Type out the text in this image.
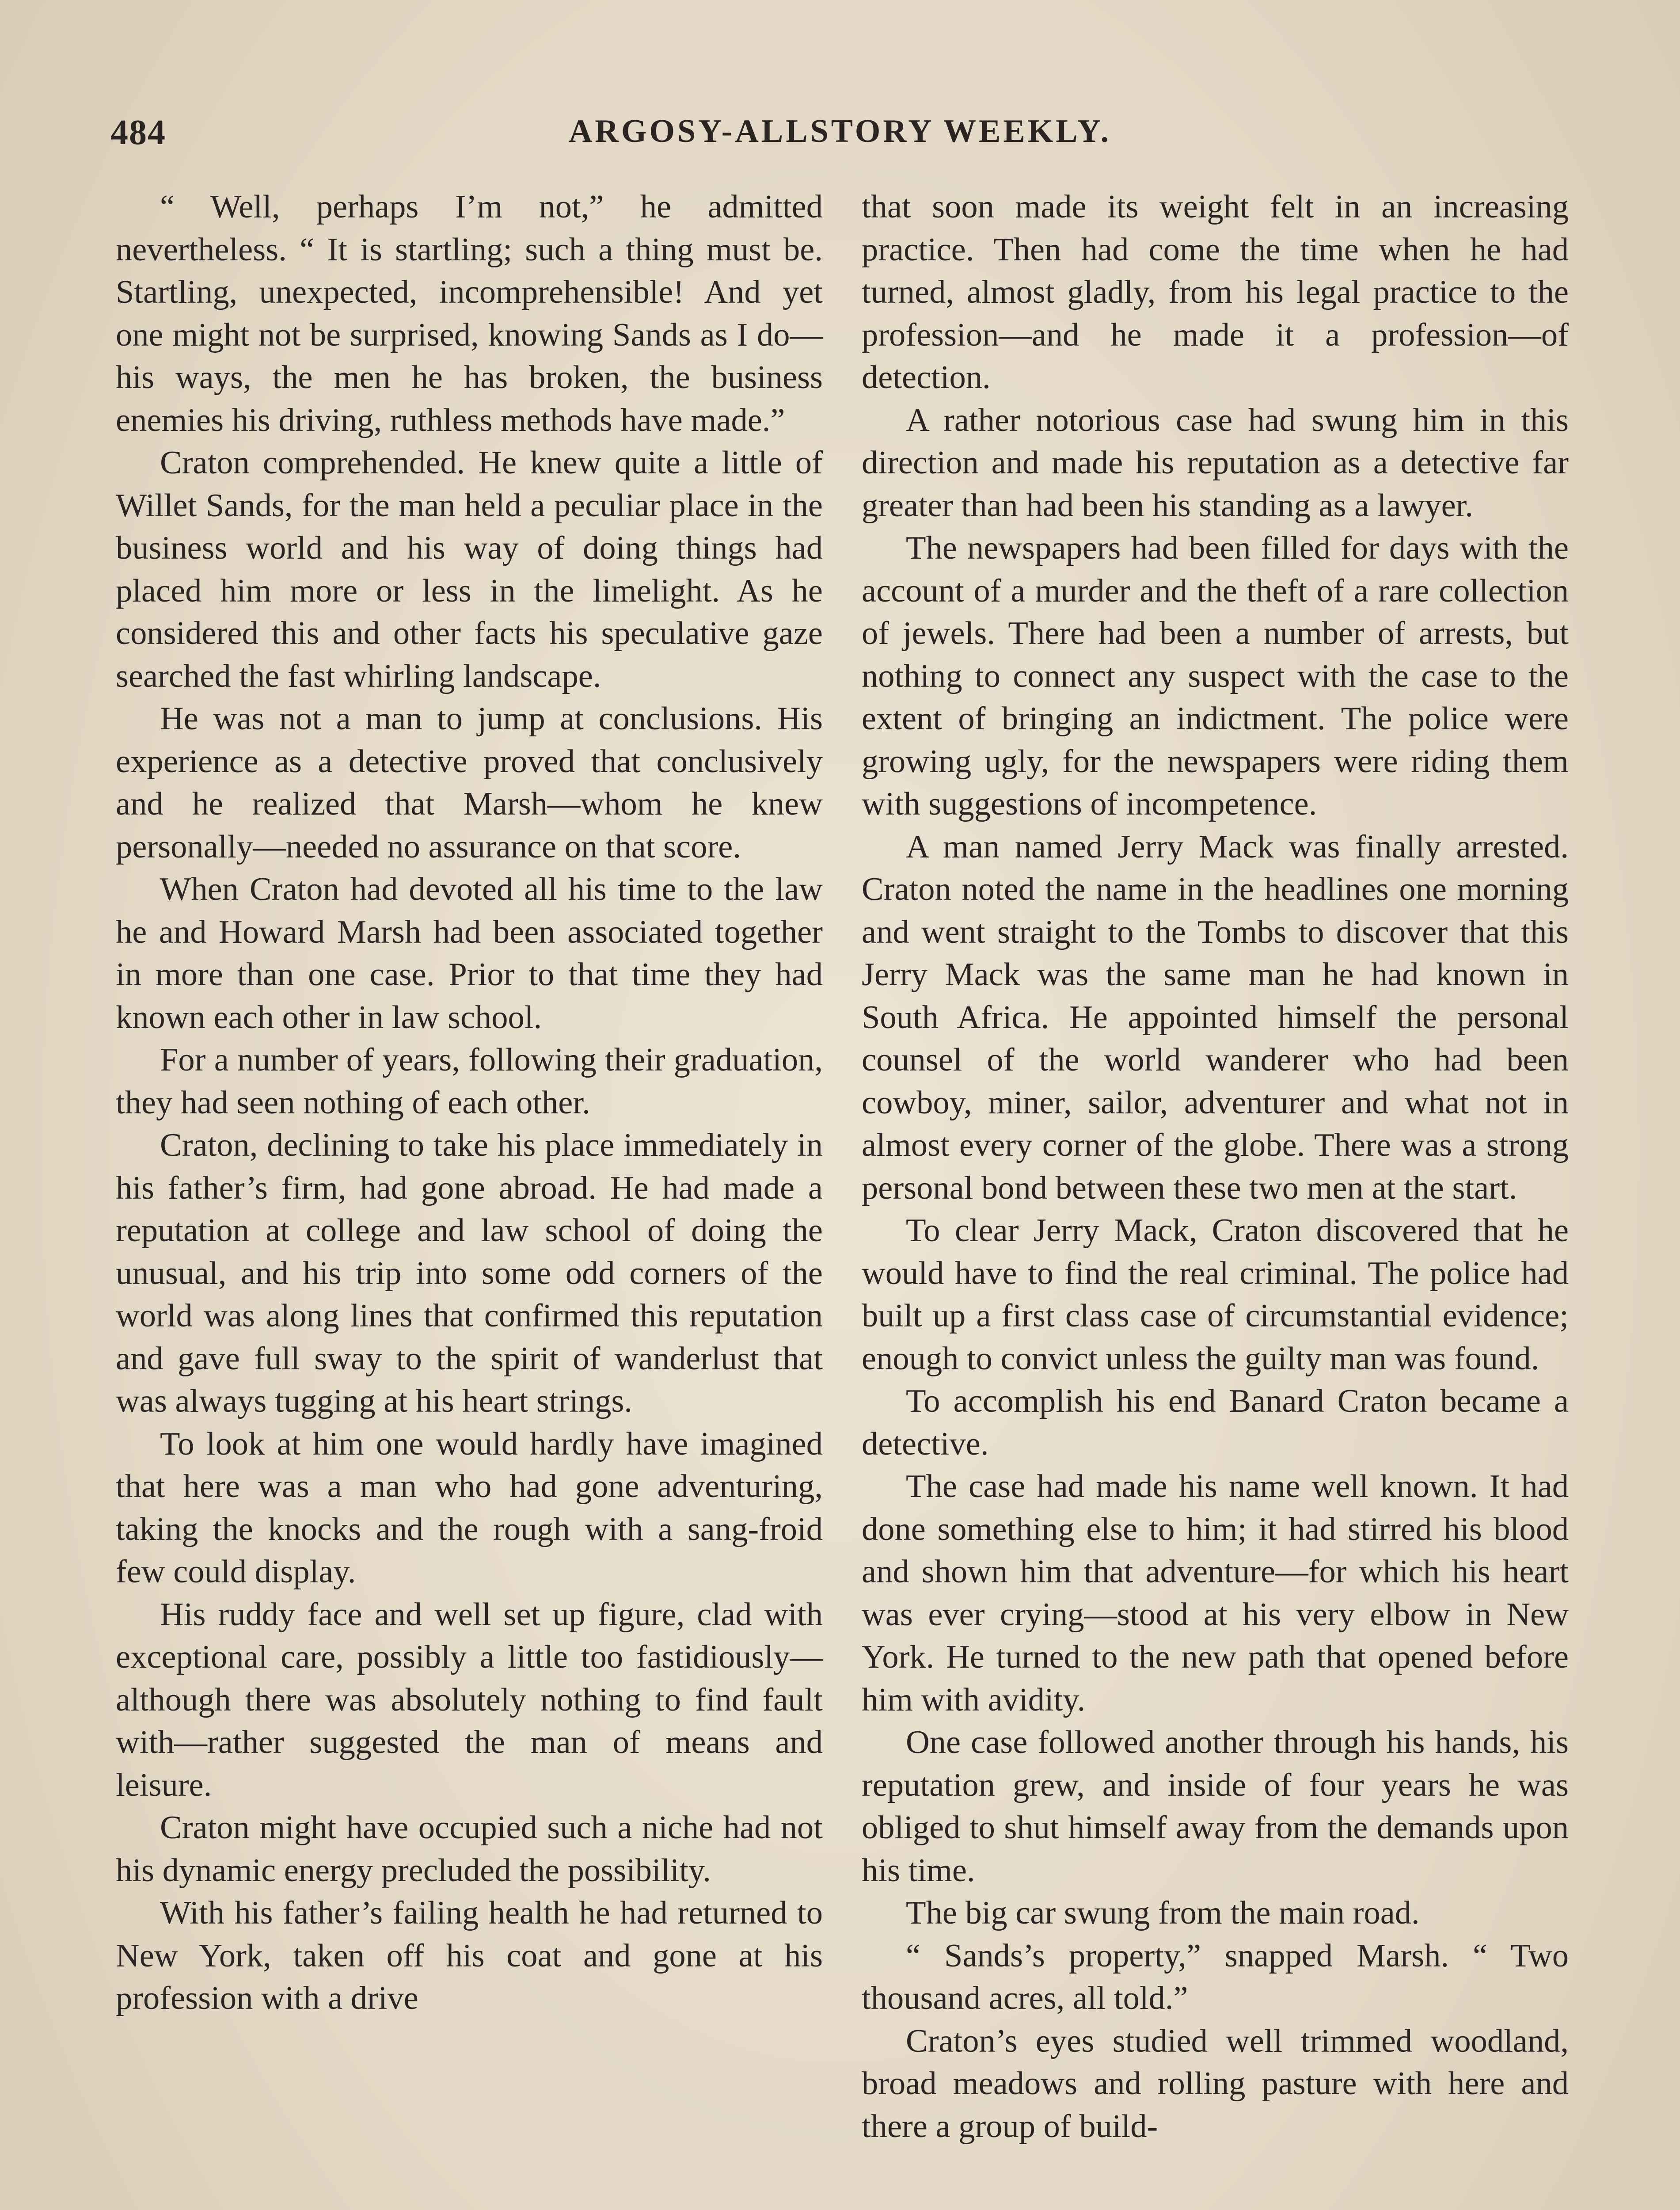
484	ARGOSY-ALLSTORY WEEKLY.

“ Well, perhaps I’m not,” he admitted nevertheless. “ It is startling; such a thing must be. Startling, unexpected, incomprehensible! And yet one might not be surprised, knowing Sands as I do—his ways, the men he has broken, the business enemies his driving, ruthless methods have made.”

Craton comprehended. He knew quite a little of Willet Sands, for the man held a peculiar place in the business world and his way of doing things had placed him more or less in the limelight. As he considered this and other facts his speculative gaze searched the fast whirling landscape.

He was not a man to jump at conclusions. His experience as a detective proved that conclusively and he realized that Marsh—whom he knew personally—needed no assurance on that score.

When Craton had devoted all his time to the law he and Howard Marsh had been associated together in more than one case. Prior to that time they had known each other in law school.

For a number of years, following their graduation, they had seen nothing of each other.

Craton, declining to take his place immediately in his father’s firm, had gone abroad. He had made a reputation at college and law school of doing the unusual, and his trip into some odd corners of the world was along lines that confirmed this reputation and gave full sway to the spirit of wanderlust that was always tugging at his heart strings.

To look at him one would hardly have imagined that here was a man who had gone adventuring, taking the knocks and the rough with a sang-froid few could display.

His ruddy face and well set up figure, clad with exceptional care, possibly a little too fastidiously—although there was absolutely nothing to find fault with—rather suggested the man of means and leisure.

Craton might have occupied such a niche had not his dynamic energy precluded the possibility.

With his father’s failing health he had returned to New York, taken off his coat and gone at his profession with a drive

that soon made its weight felt in an increasing practice. Then had come the time when he had turned, almost gladly, from his legal practice to the profession—and he made it a profession—of detection.

A rather notorious case had swung him in this direction and made his reputation as a detective far greater than had been his standing as a lawyer.

The newspapers had been filled for days with the account of a murder and the theft of a rare collection of jewels. There had been a number of arrests, but nothing to connect any suspect with the case to the extent of bringing an indictment. The police were growing ugly, for the newspapers were riding them with suggestions of incompetence.

A man named Jerry Mack was finally arrested. Craton noted the name in the headlines one morning and went straight to the Tombs to discover that this Jerry Mack was the same man he had known in South Africa. He appointed himself the personal counsel of the world wanderer who had been cowboy, miner, sailor, adventurer and what not in almost every corner of the globe. There was a strong personal bond between these two men at the start.

To clear Jerry Mack, Craton discovered that he would have to find the real criminal. The police had built up a first class case of circumstantial evidence; enough to convict unless the guilty man was found.

To accomplish his end Banard Craton became a detective.

The case had made his name well known. It had done something else to him; it had stirred his blood and shown him that adventure—for which his heart was ever crying—stood at his very elbow in New York. He turned to the new path that opened before him with avidity.

One case followed another through his hands, his reputation grew, and inside of four years he was obliged to shut himself away from the demands upon his time.

The big car swung from the main road.

“ Sands’s property,” snapped Marsh. “ Two thousand acres, all told.”

Craton’s eyes studied well trimmed woodland, broad meadows and rolling pasture with here and there a group of build-
